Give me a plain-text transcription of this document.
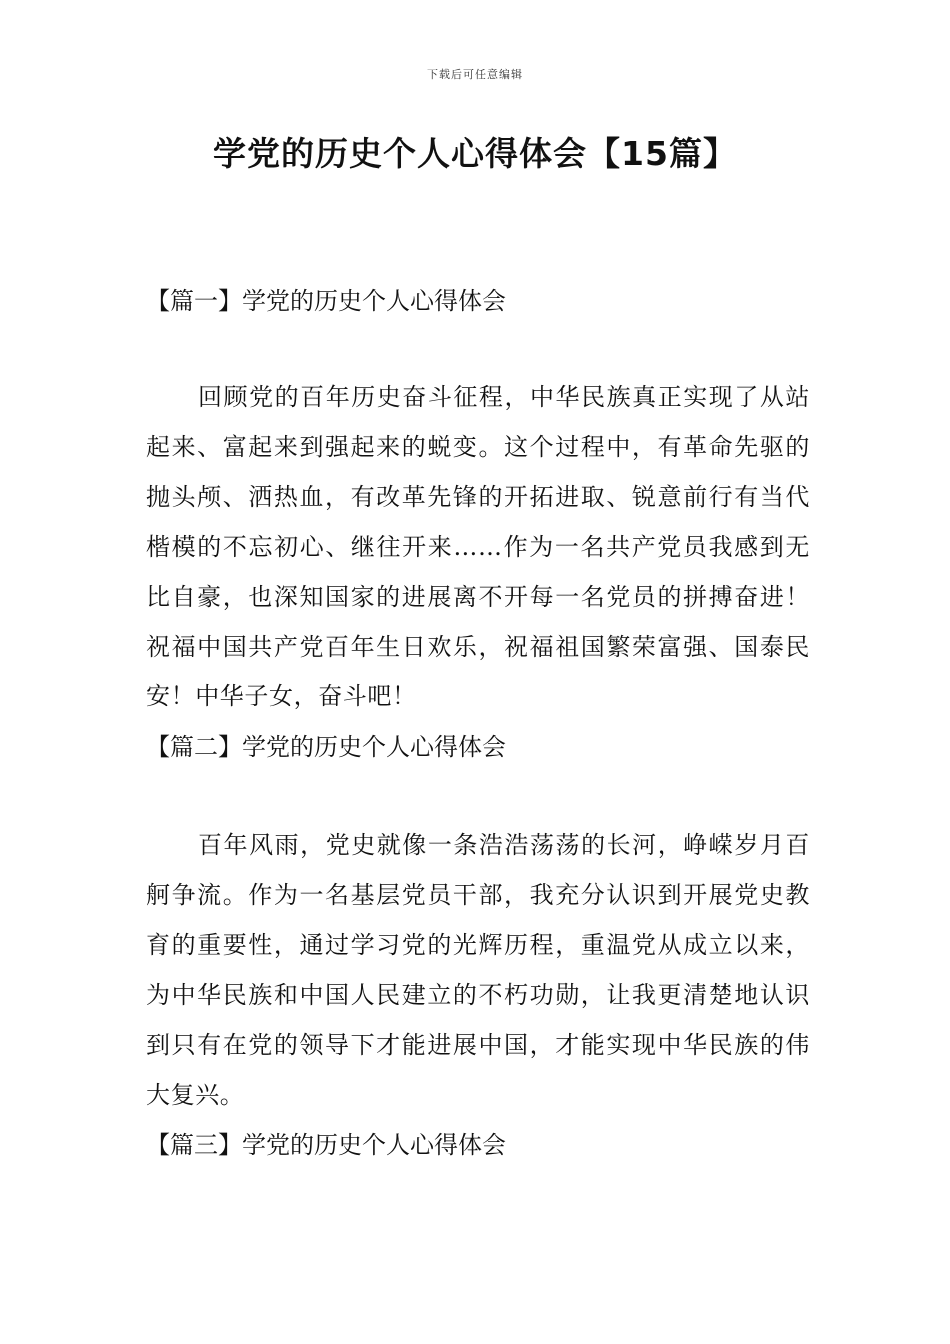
下载后可任意编辑
学党的历史个人心得体会【15篇】
【篇一】学党的历史个人心得体会
回顾党的百年历史奋斗征程，中华民族真正实现了从站起来、富起来到强起来的蜕变。这个过程中，有革命先驱的抛头颅、洒热血，有改革先锋的开拓进取、锐意前行有当代楷模的不忘初心、继往开来……作为一名共产党员我感到无比自豪，也深知国家的进展离不开每一名党员的拼搏奋进！祝福中国共产党百年生日欢乐，祝福祖国繁荣富强、国泰民安！中华子女，奋斗吧！
【篇二】学党的历史个人心得体会
百年风雨，党史就像一条浩浩荡荡的长河，峥嵘岁月百舸争流。作为一名基层党员干部，我充分认识到开展党史教育的重要性，通过学习党的光辉历程，重温党从成立以来，为中华民族和中国人民建立的不朽功勋，让我更清楚地认识到只有在党的领导下才能进展中国，才能实现中华民族的伟大复兴。
【篇三】学党的历史个人心得体会
